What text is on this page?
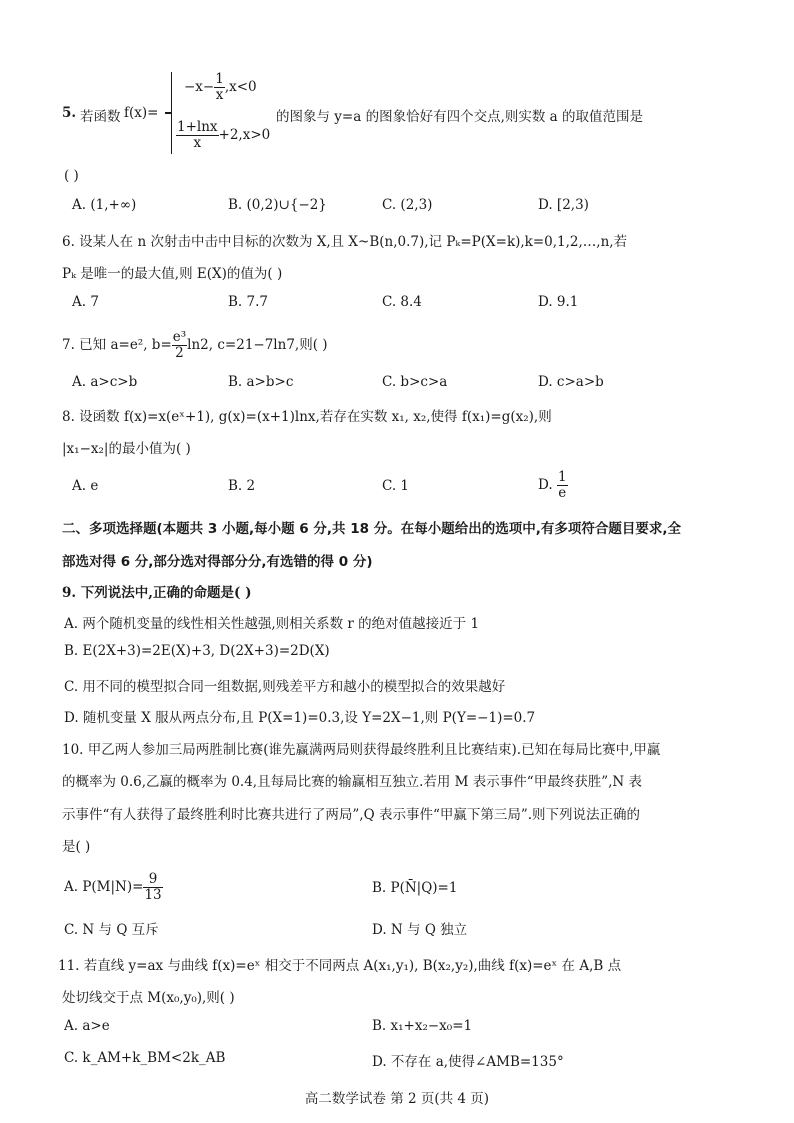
5. 若函数 f(x)=
$-x- \frac{1}{x} ,x<0$
$\frac{1+\ln x}{x} +2,x>0$
的图象与 y=a 的图象恰好有四个交点,则实数 a 的取值范围是
( )
A. (1,+∞)	B. (0,2)∪{−2}	C. (2,3)	D. [2,3)
6. 设某人在 n 次射击中击中目标的次数为 X,且 X~B(n,0.7),记 Pₖ=P(X=k),k=0,1,2,…,n,若
Pₖ 是唯一的最大值,则 E(X)的值为( )
A. 7	B. 7.7	C. 8.4	D. 9.1
7. 已知 a=e², $b= \frac{\text{e³}}{2} \ln 2$, c=21−7ln7,则( )
A. a>c>b	B. a>b>c	C. b>c>a	D. c>a>b
8. 设函数 f(x)=x(eˣ+1), g(x)=(x+1)lnx,若存在实数 x₁, x₂,使得 f(x₁)=g(x₂),则
|x₁−x₂|的最小值为( )
A. e	B. 2	C. 1	D. $\frac{1}{e}$
二、多项选择题(本题共 3 小题,每小题 6 分,共 18 分。在每小题给出的选项中,有多项符合题目要求,全
部选对得 6 分,部分选对得部分分,有选错的得 0 分)
9. 下列说法中,正确的命题是( )
A. 两个随机变量的线性相关性越强,则相关系数 r 的绝对值越接近于 1
B. E(2X+3)=2E(X)+3, D(2X+3)=2D(X)
C. 用不同的模型拟合同一组数据,则残差平方和越小的模型拟合的效果越好
D. 随机变量 X 服从两点分布,且 P(X=1)=0.3,设 Y=2X−1,则 P(Y=−1)=0.7
10. 甲乙两人参加三局两胜制比赛(谁先赢满两局则获得最终胜利且比赛结束).已知在每局比赛中,甲赢
的概率为 0.6,乙赢的概率为 0.4,且每局比赛的输赢相互独立.若用 M 表示事件“甲最终获胜”,N 表
示事件“有人获得了最终胜利时比赛共进行了两局”,Q 表示事件“甲赢下第三局”.则下列说法正确的
是( )
A. $P(M|N)= \frac{9}{13}$	B. P(N̄|Q)=1
C. N 与 Q 互斥	D. N 与 Q 独立
11. 若直线 y=ax 与曲线 f(x)=eˣ 相交于不同两点 A(x₁,y₁), B(x₂,y₂),曲线 f(x)=eˣ 在 A,B 点
处切线交于点 M(x₀,y₀),则( )
A. a>e	B. x₁+x₂−x₀=1
C. k_AM+k_BM<2k_AB	D. 不存在 a,使得∠AMB=135°
高二数学试卷 第 2 页(共 4 页)
